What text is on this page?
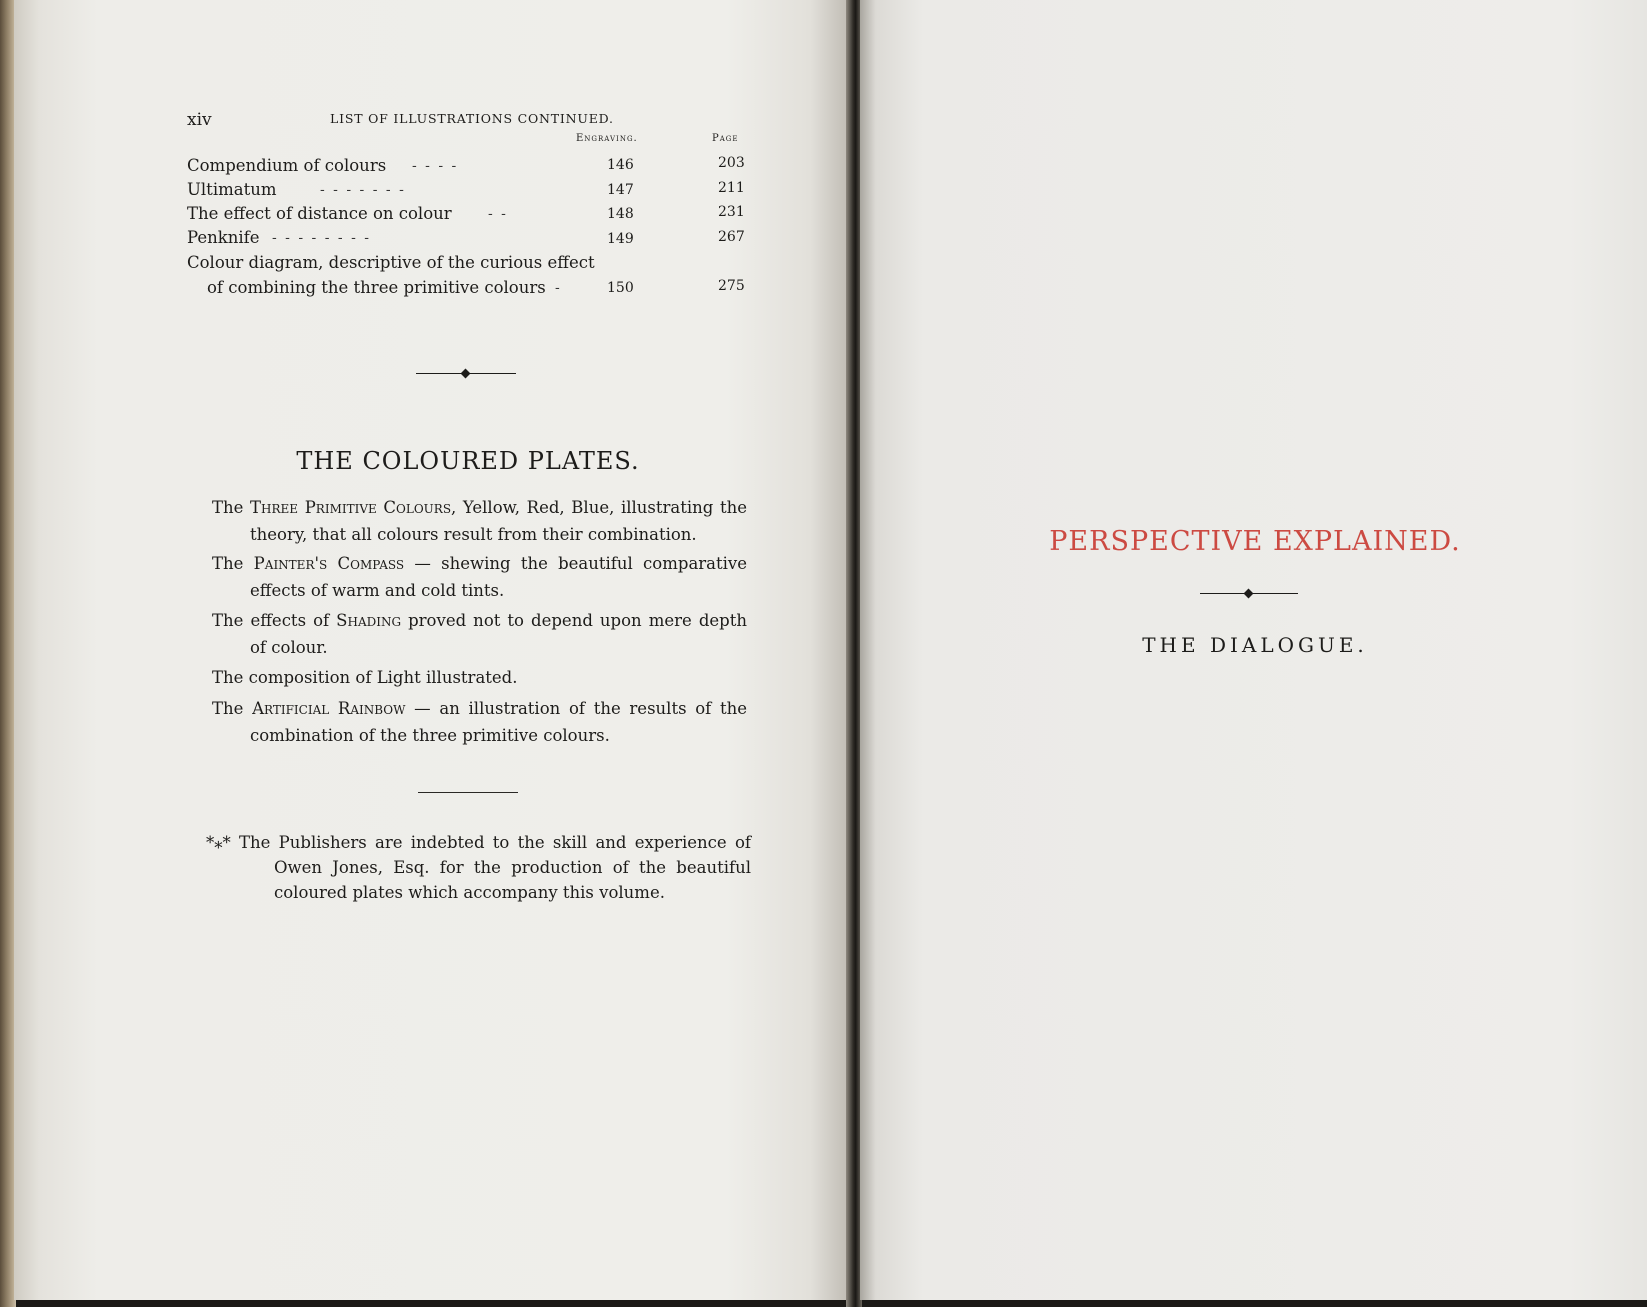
xiv	LIST OF ILLUSTRATIONS CONTINUED.
Engraving.	Page
Compendium of colours - - - -	146	203
Ultimatum	- - - - - - -	147	211
The effect of distance on colour	- -	148	231
Penknife - - - - - - - -	149	267
Colour diagram, descriptive of the curious effect
of combining the three primitive colours -	150	275
THE COLOURED PLATES.
The Three Primitive Colours, Yellow, Red, Blue, illustrating the theory, that all colours result from their combination.
The Painter's Compass — shewing the beautiful comparative effects of warm and cold tints.
The effects of Shading proved not to depend upon mere depth of colour.
The composition of Light illustrated.
The Artificial Rainbow — an illustration of the results of the combination of the three primitive colours.
*⁎* The Publishers are indebted to the skill and experience of Owen Jones, Esq. for the production of the beautiful coloured plates which accompany this volume.
PERSPECTIVE EXPLAINED.
THE DIALOGUE.
